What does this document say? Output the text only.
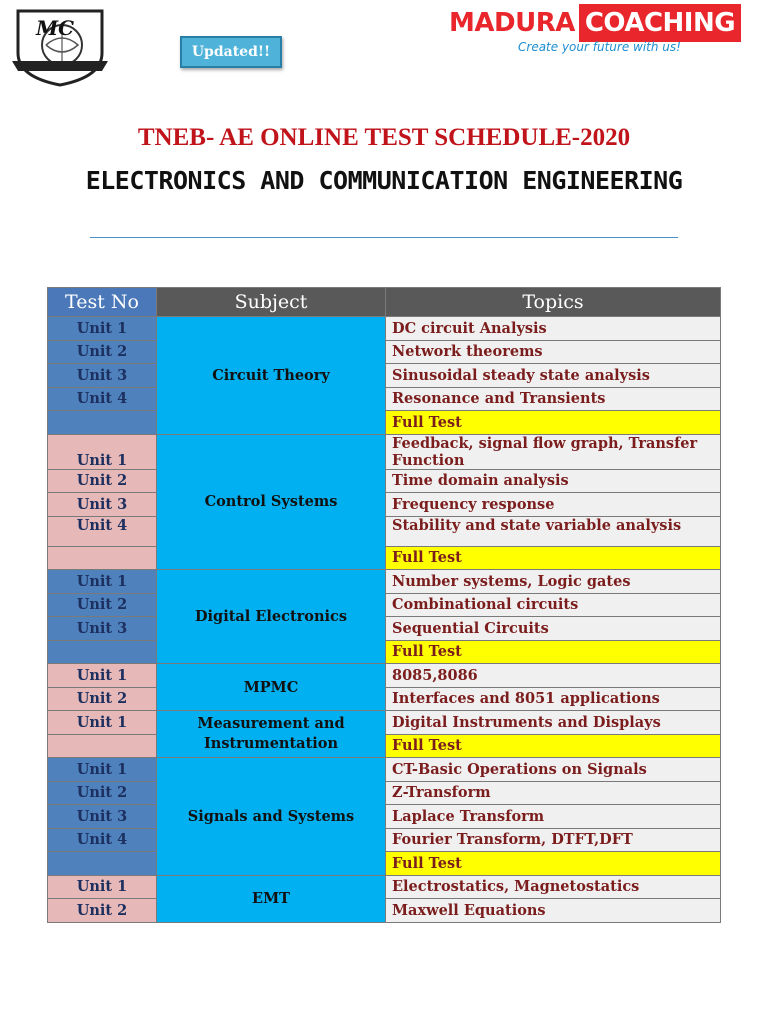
MC
Updated!!
MADURA COACHING
Create your future with us!
TNEB- AE ONLINE TEST SCHEDULE-2020
ELECTRONICS AND COMMUNICATION ENGINEERING
Test No	Subject	Topics
Unit 1	Circuit Theory	DC circuit Analysis
Unit 2		Network theorems
Unit 3		Sinusoidal steady state analysis
Unit 4		Resonance and Transients
		Full Test
Unit 1	Control Systems	Feedback, signal flow graph, Transfer Function
Unit 2		Time domain analysis
Unit 3		Frequency response
Unit 4		Stability and state variable analysis
		Full Test
Unit 1	Digital Electronics	Number systems, Logic gates
Unit 2		Combinational circuits
Unit 3		Sequential Circuits
		Full Test
Unit 1	MPMC	8085,8086
Unit 2		Interfaces and 8051 applications
Unit 1	Measurement and Instrumentation	Digital Instruments and Displays
		Full Test
Unit 1	Signals and Systems	CT-Basic Operations on Signals
Unit 2		Z-Transform
Unit 3		Laplace Transform
Unit 4		Fourier Transform, DTFT,DFT
		Full Test
Unit 1	EMT	Electrostatics, Magnetostatics
Unit 2		Maxwell Equations
